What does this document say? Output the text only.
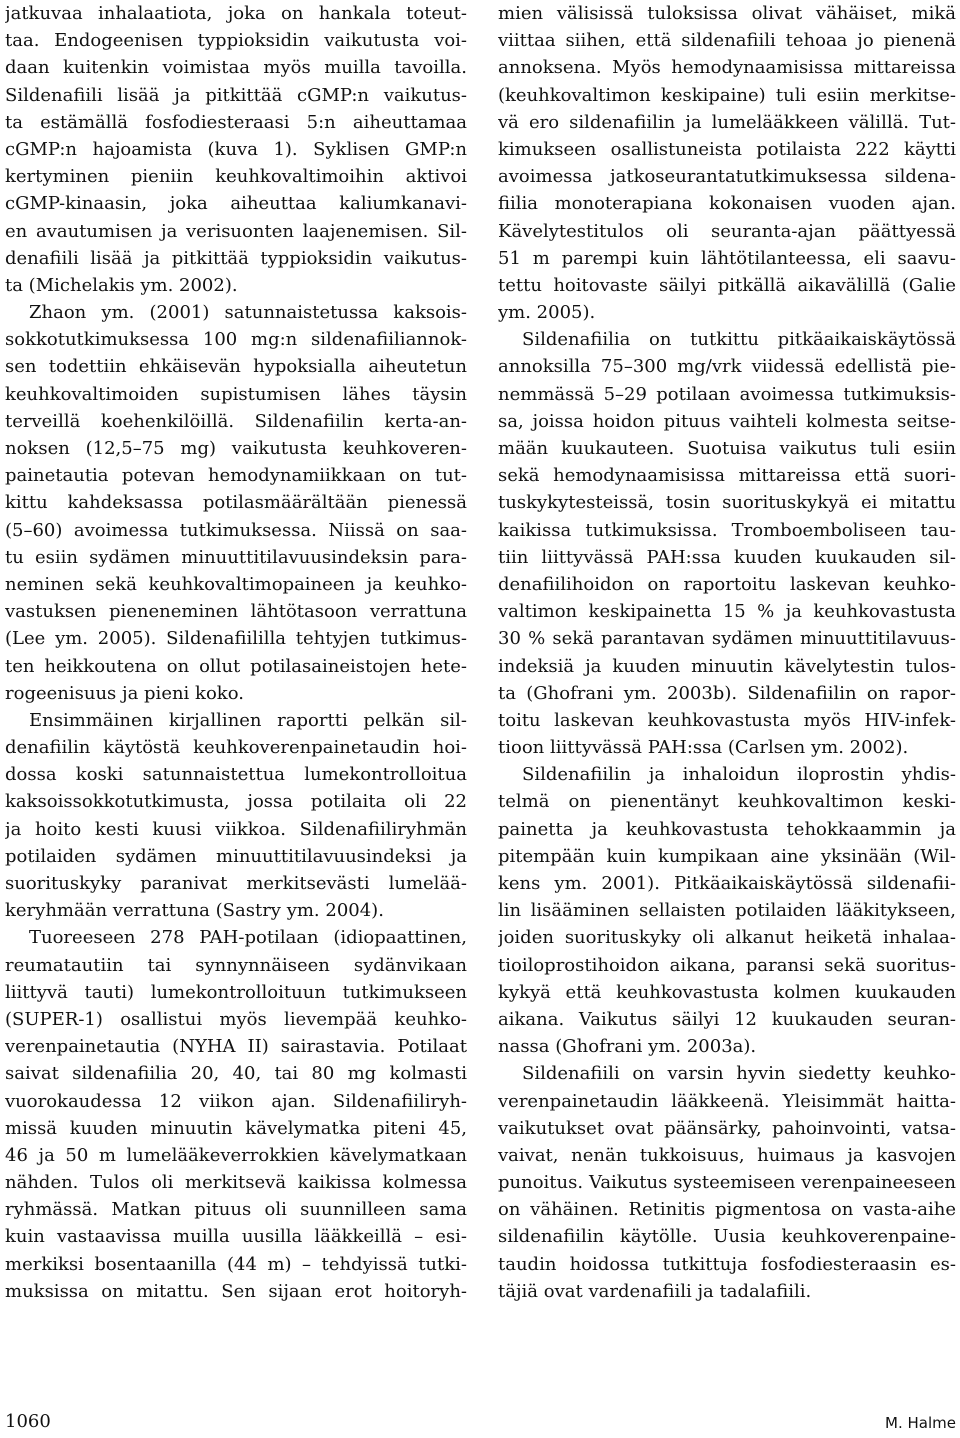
jatkuvaa inhalaatiota, joka on hankala toteut-
taa. Endogeenisen typpioksidin vaikutusta voi-
daan kuitenkin voimistaa myös muilla tavoilla.
Sildenafiili lisää ja pitkittää cGMP:n vaikutus-
ta estämällä fosfodiesteraasi 5:n aiheuttamaa
cGMP:n hajoamista (kuva 1). Syklisen GMP:n
kertyminen pieniin keuhkovaltimoihin aktivoi
cGMP-kinaasin, joka aiheuttaa kaliumkanavi-
en avautumisen ja verisuonten laajenemisen. Sil-
denafiili lisää ja pitkittää typpioksidin vaikutus-
ta (Michelakis ym. 2002).
Zhaon ym. (2001) satunnaistetussa kaksois-
sokkotutkimuksessa 100 mg:n sildenafiiliannok-
sen todettiin ehkäisevän hypoksialla aiheutetun
keuhkovaltimoiden supistumisen lähes täysin
terveillä koehenkilöillä. Sildenafiilin kerta-an-
noksen (12,5–75 mg) vaikutusta keuhkoveren-
painetautia potevan hemodynamiikkaan on tut-
kittu kahdeksassa potilasmäärältään pienessä
(5–60) avoimessa tutkimuksessa. Niissä on saa-
tu esiin sydämen minuuttitilavuusindeksin para-
neminen sekä keuhkovaltimopaineen ja keuhko-
vastuksen pieneneminen lähtötasoon verrattuna
(Lee ym. 2005). Sildenafiililla tehtyjen tutkimus-
ten heikkoutena on ollut potilasaineistojen hete-
rogeenisuus ja pieni koko.
Ensimmäinen kirjallinen raportti pelkän sil-
denafiilin käytöstä keuhkoverenpainetaudin hoi-
dossa koski satunnaistettua lumekontrolloitua
kaksoissokkotutkimusta, jossa potilaita oli 22
ja hoito kesti kuusi viikkoa. Sildenafiiliryhmän
potilaiden sydämen minuuttitilavuusindeksi ja
suorituskyky paranivat merkitsevästi lumelää-
keryhmään verrattuna (Sastry ym. 2004).
Tuoreeseen 278 PAH-potilaan (idiopaattinen,
reumatautiin tai synnynnäiseen sydänvikaan
liittyvä tauti) lumekontrolloituun tutkimukseen
(SUPER-1) osallistui myös lievempää keuhko-
verenpainetautia (NYHA II) sairastavia. Potilaat
saivat sildenafiilia 20, 40, tai 80 mg kolmasti
vuorokaudessa 12 viikon ajan. Sildenafiiliryh-
missä kuuden minuutin kävelymatka piteni 45,
46 ja 50 m lumelääkeverrokkien kävelymatkaan
nähden. Tulos oli merkitsevä kaikissa kolmessa
ryhmässä. Matkan pituus oli suunnilleen sama
kuin vastaavissa muilla uusilla lääkkeillä – esi-
merkiksi bosentaanilla (44 m) – tehdyissä tutki-
muksissa on mitattu. Sen sijaan erot hoitoryh-
mien välisissä tuloksissa olivat vähäiset, mikä
viittaa siihen, että sildenafiili tehoaa jo pienenä
annoksena. Myös hemodynaamisissa mittareissa
(keuhkovaltimon keskipaine) tuli esiin merkitse-
vä ero sildenafiilin ja lumelääkkeen välillä. Tut-
kimukseen osallistuneista potilaista 222 käytti
avoimessa jatkoseurantatutkimuksessa sildena-
fiilia monoterapiana kokonaisen vuoden ajan.
Kävelytestitulos oli seuranta-ajan päättyessä
51 m parempi kuin lähtötilanteessa, eli saavu-
tettu hoitovaste säilyi pitkällä aikavälillä (Galie
ym. 2005).
Sildenafiilia on tutkittu pitkäaikaiskäytössä
annoksilla 75–300 mg/vrk viidessä edellistä pie-
nemmässä 5–29 potilaan avoimessa tutkimuksis-
sa, joissa hoidon pituus vaihteli kolmesta seitse-
mään kuukauteen. Suotuisa vaikutus tuli esiin
sekä hemodynaamisissa mittareissa että suori-
tuskykytesteissä, tosin suorituskykyä ei mitattu
kaikissa tutkimuksissa. Tromboemboliseen tau-
tiin liittyvässä PAH:ssa kuuden kuukauden sil-
denafiilihoidon on raportoitu laskevan keuhko-
valtimon keskipainetta 15 % ja keuhkovastusta
30 % sekä parantavan sydämen minuuttitilavuus-
indeksiä ja kuuden minuutin kävelytestin tulos-
ta (Ghofrani ym. 2003b). Sildenafiilin on rapor-
toitu laskevan keuhkovastusta myös HIV-infek-
tioon liittyvässä PAH:ssa (Carlsen ym. 2002).
Sildenafiilin ja inhaloidun iloprostin yhdis-
telmä on pienentänyt keuhkovaltimon keski-
painetta ja keuhkovastusta tehokkaammin ja
pitempään kuin kumpikaan aine yksinään (Wil-
kens ym. 2001). Pitkäaikaiskäytössä sildenafii-
lin lisääminen sellaisten potilaiden lääkitykseen,
joiden suorituskyky oli alkanut heiketä inhalaa-
tioiloprostihoidon aikana, paransi sekä suoritus-
kykyä että keuhkovastusta kolmen kuukauden
aikana. Vaikutus säilyi 12 kuukauden seuran-
nassa (Ghofrani ym. 2003a).
Sildenafiili on varsin hyvin siedetty keuhko-
verenpainetaudin lääkkeenä. Yleisimmät haitta-
vaikutukset ovat päänsärky, pahoinvointi, vatsa-
vaivat, nenän tukkoisuus, huimaus ja kasvojen
punoitus. Vaikutus systeemiseen verenpaineeseen
on vähäinen. Retinitis pigmentosa on vasta-aihe
sildenafiilin käytölle. Uusia keuhkoverenpaine-
taudin hoidossa tutkittuja fosfodiesteraasin es-
täjiä ovat vardenafiili ja tadalafiili.
1060	M. Halme
